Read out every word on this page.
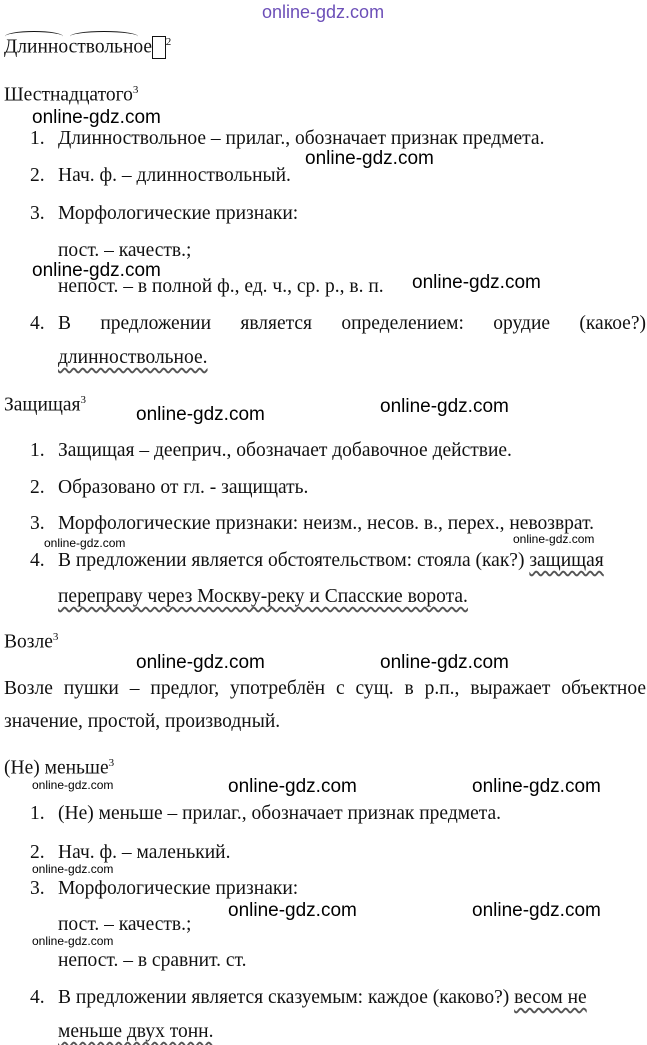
online-gdz.com
Длинноствольное $^2$
Шестнадцатого$^3$
online-gdz.com
1. Длинноствольное – прилаг., обозначает признак предмета.
online-gdz.com
2. Нач. ф. – длинноствольный.
3. Морфологические признаки:
пост. – качеств.;
online-gdz.com
непост. – в полной ф., ед. ч., ср. р., в. п. online-gdz.com
4. В предложении является определением: орудие (какое?)
длинноствольное.
Защищая$^3$
online-gdz.com	online-gdz.com
1. Защищая – дееприч., обозначает добавочное действие.
2. Образовано от гл. - защищать.
3. Морфологические признаки: неизм., несов. в., перех., невозврат.
online-gdz.com	online-gdz.com
4. В предложении является обстоятельством: стояла (как?) защищая
переправу через Москву-реку и Спасские ворота.
Возле$^3$
online-gdz.com	online-gdz.com
Возле пушки – предлог, употреблён с сущ. в р.п., выражает объектное
значение, простой, производный.
(Не) меньше$^3$
online-gdz.com	online-gdz.com	online-gdz.com
1. (Не) меньше – прилаг., обозначает признак предмета.
2. Нач. ф. – маленький.
online-gdz.com
3. Морфологические признаки:
online-gdz.com	online-gdz.com
пост. – качеств.;
online-gdz.com
непост. – в сравнит. ст.
4. В предложении является сказуемым: каждое (каково?) весом не
меньше двух тонн.
